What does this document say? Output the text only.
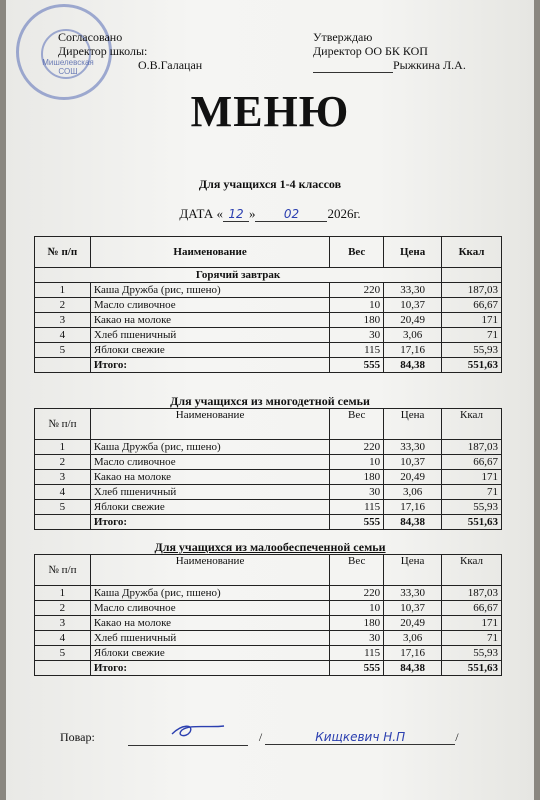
Мишелевская СОШ
Согласовано
Директор школы:
О.В.Галацан
Утверждаю
Директор ОО БК КОП
Рыжкина Л.А.
МЕНЮ
Для учащихся 1-4 классов
ДАТА « 12 » 02 2026г.
№ п/п	Наименование	Вес	Цена	Ккал
Горячий завтрак				
1	Каша Дружба (рис, пшено)	220	33,30	187,03
2	Масло сливочное	10	10,37	66,67
3	Какао на молоке	180	20,49	171
4	Хлеб пшеничный	30	3,06	71
5	Яблоки свежие	115	17,16	55,93
	Итого:	555	84,38	551,63
Для учащихся из многодетной семьи
№ п/п	Наименование	Вес	Цена	Ккал
1	Каша Дружба (рис, пшено)	220	33,30	187,03
2	Масло сливочное	10	10,37	66,67
3	Какао на молоке	180	20,49	171
4	Хлеб пшеничный	30	3,06	71
5	Яблоки свежие	115	17,16	55,93
	Итого:	555	84,38	551,63
Для учащихся из малообеспеченной семьи
№ п/п	Наименование	Вес	Цена	Ккал
1	Каша Дружба (рис, пшено)	220	33,30	187,03
2	Масло сливочное	10	10,37	66,67
3	Какао на молоке	180	20,49	171
4	Хлеб пшеничный	30	3,06	71
5	Яблоки свежие	115	17,16	55,93
	Итого:	555	84,38	551,63
Повар:	/	Кищкевич Н.П	/
